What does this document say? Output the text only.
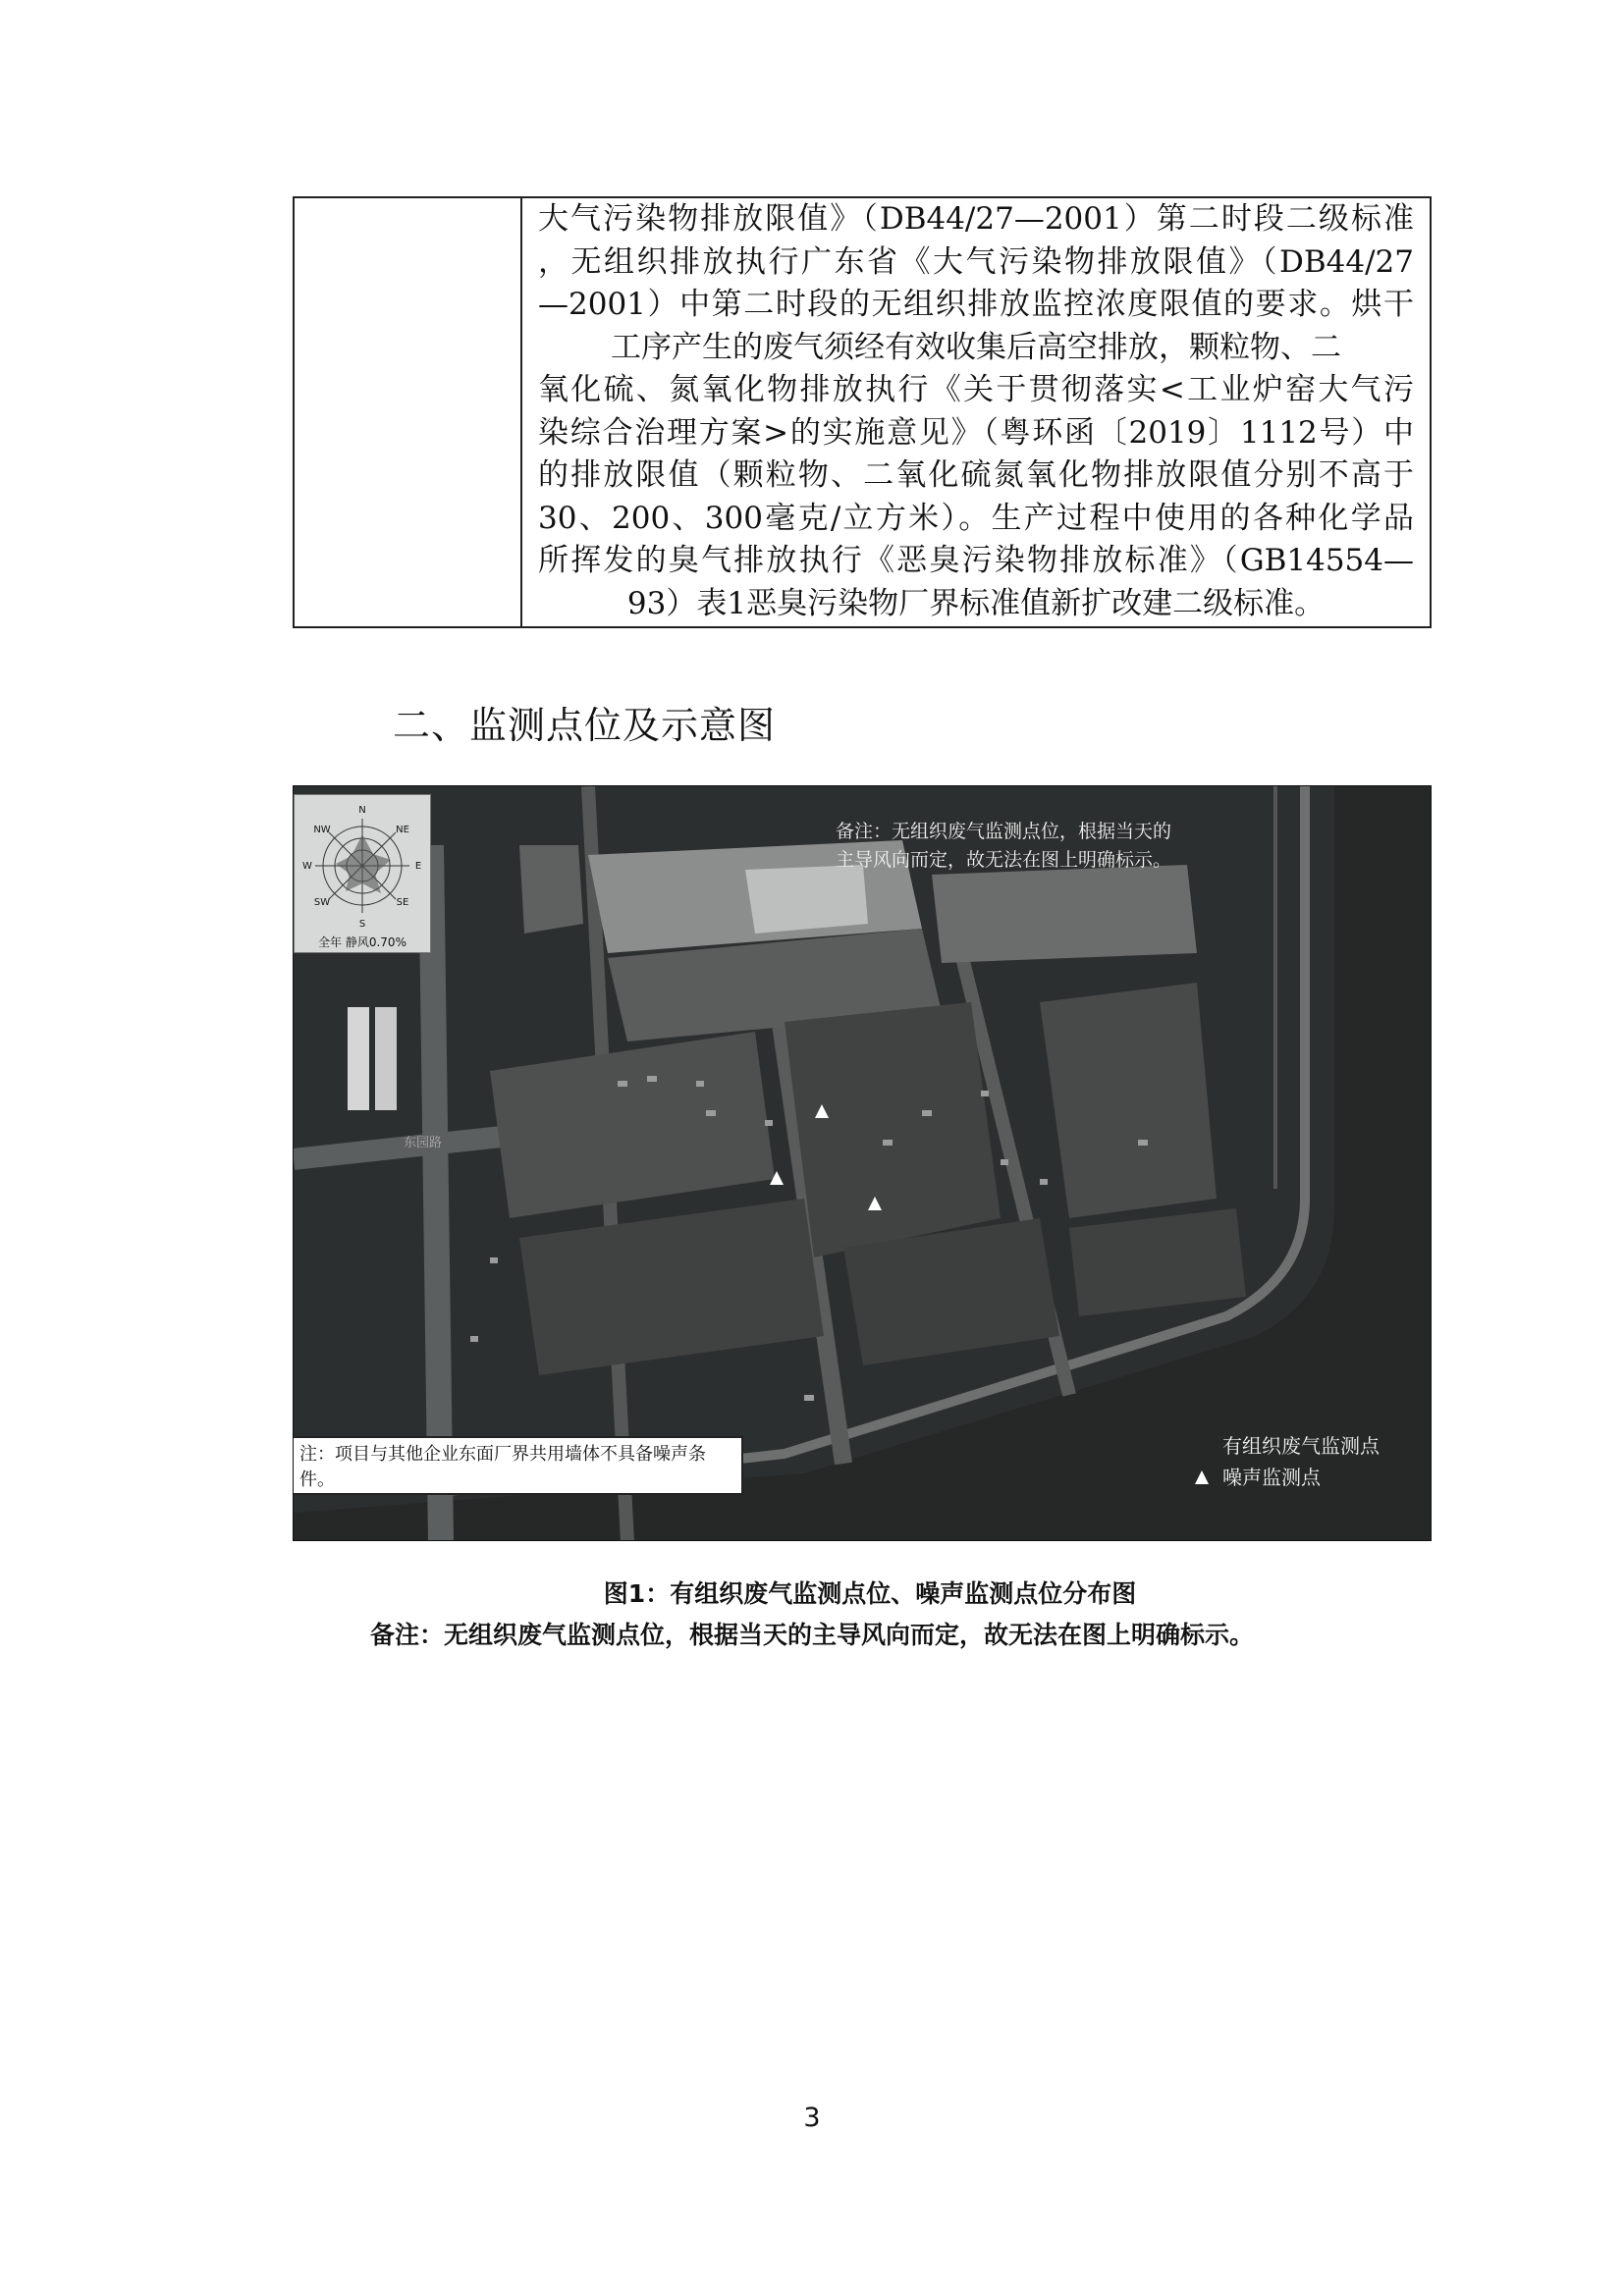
大气污染物排放限值》（DB44/27—2001）第二时段二级标准
，无组织排放执行广东省《大气污染物排放限值》（DB44/27
—2001）中第二时段的无组织排放监控浓度限值的要求。烘干
工序产生的废气须经有效收集后高空排放，颗粒物、二
氧化硫、氮氧化物排放执行《关于贯彻落实<工业炉窑大气污
染综合治理方案>的实施意见》（粤环函〔2019〕1112号）中
的排放限值（颗粒物、二氧化硫氮氧化物排放限值分别不高于
30、200、300毫克/立方米）。生产过程中使用的各种化学品
所挥发的臭气排放执行《恶臭污染物排放标准》（GB14554—
93）表1恶臭污染物厂界标准值新扩改建二级标准。
二、监测点位及示意图
东园路
N
NW	NE
W	E
SW	SE
S
全年 静风0.70%
备注：无组织废气监测点位，根据当天的主导风向而定，故无法在图上明确标示。
注：项目与其他企业东面厂界共用墙体不具备噪声条件。
有组织废气监测点
噪声监测点
图1：有组织废气监测点位、噪声监测点位分布图
备注：无组织废气监测点位，根据当天的主导风向而定，故无法在图上明确标示。
3
